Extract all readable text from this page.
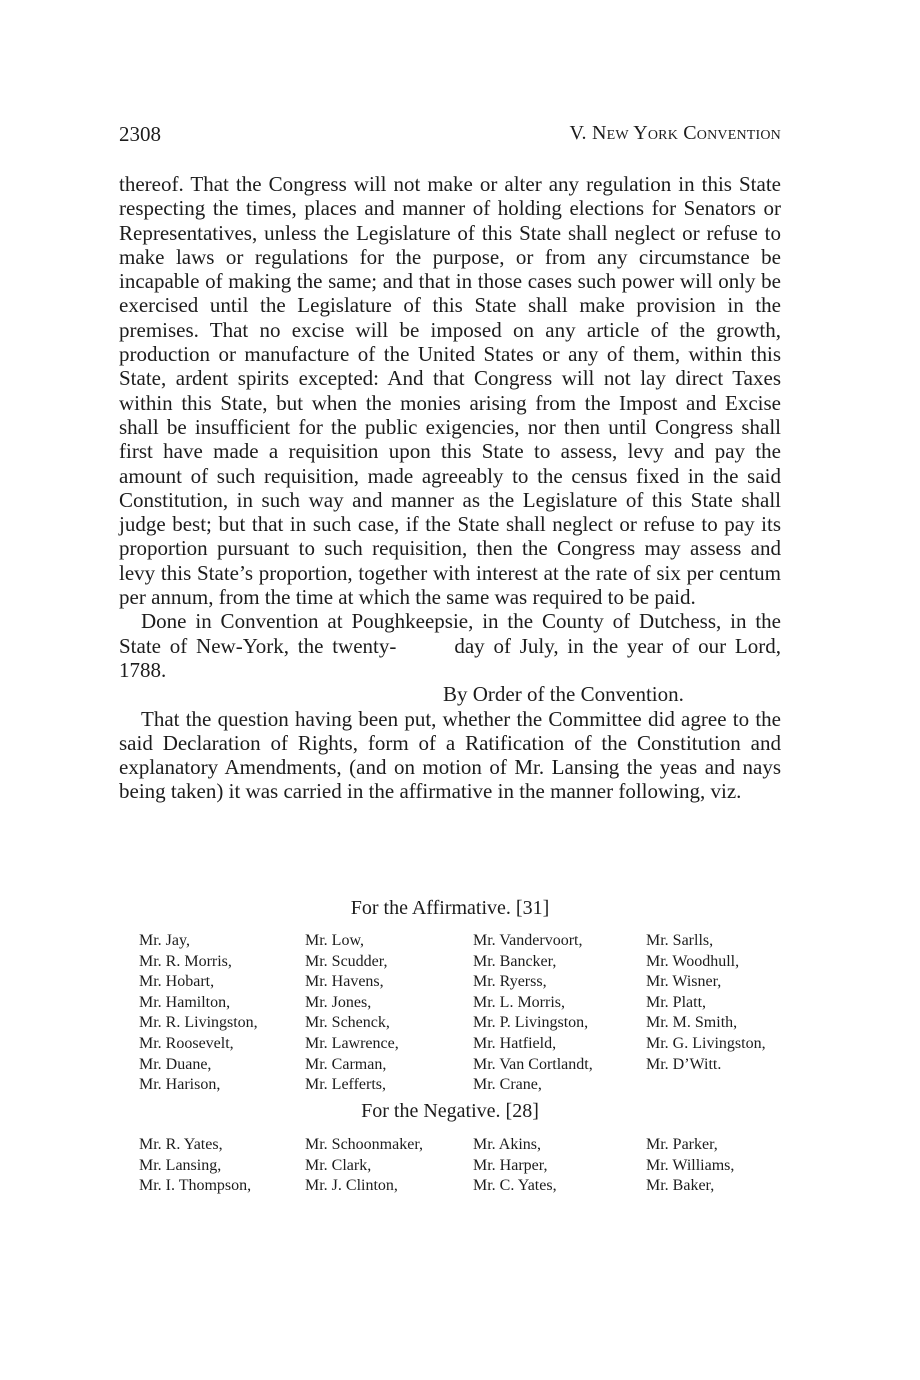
2308	V. New York Convention

thereof. That the Congress will not make or alter any regulation in this State respecting the times, places and manner of holding elections for Senators or Representatives, unless the Legislature of this State shall neglect or refuse to make laws or regulations for the purpose, or from any circumstance be incapable of making the same; and that in those cases such power will only be exercised until the Legislature of this State shall make provision in the premises. That no excise will be imposed on any article of the growth, production or manufacture of the United States or any of them, within this State, ardent spirits excepted: And that Congress will not lay direct Taxes within this State, but when the monies arising from the Impost and Excise shall be insufficient for the public exigencies, nor then until Congress shall first have made a requisition upon this State to assess, levy and pay the amount of such requisition, made agreeably to the census fixed in the said Constitution, in such way and manner as the Legislature of this State shall judge best; but that in such case, if the State shall neglect or refuse to pay its proportion pursuant to such requisition, then the Congress may assess and levy this State’s proportion, together with interest at the rate of six per centum per annum, from the time at which the same was required to be paid.

Done in Convention at Poughkeepsie, in the County of Dutchess, in the State of New-York, the twenty-	day of July, in the year of our Lord, 1788.

By Order of the Convention.

That the question having been put, whether the Committee did agree to the said Declaration of Rights, form of a Ratification of the Constitution and explanatory Amendments, (and on motion of Mr. Lansing the yeas and nays being taken) it was carried in the affirmative in the manner following, viz.

For the Affirmative. [31]
Mr. Jay,	Mr. Low,	Mr. Vandervoort,	Mr. Sarlls,
Mr. R. Morris,	Mr. Scudder,	Mr. Bancker,	Mr. Woodhull,
Mr. Hobart,	Mr. Havens,	Mr. Ryerss,	Mr. Wisner,
Mr. Hamilton,	Mr. Jones,	Mr. L. Morris,	Mr. Platt,
Mr. R. Livingston,	Mr. Schenck,	Mr. P. Livingston,	Mr. M. Smith,
Mr. Roosevelt,	Mr. Lawrence,	Mr. Hatfield,	Mr. G. Livingston,
Mr. Duane,	Mr. Carman,	Mr. Van Cortlandt,	Mr. D’Witt.
Mr. Harison,	Mr. Lefferts,	Mr. Crane,
For the Negative. [28]
Mr. R. Yates,	Mr. Schoonmaker,	Mr. Akins,	Mr. Parker,
Mr. Lansing,	Mr. Clark,	Mr. Harper,	Mr. Williams,
Mr. I. Thompson,	Mr. J. Clinton,	Mr. C. Yates,	Mr. Baker,
